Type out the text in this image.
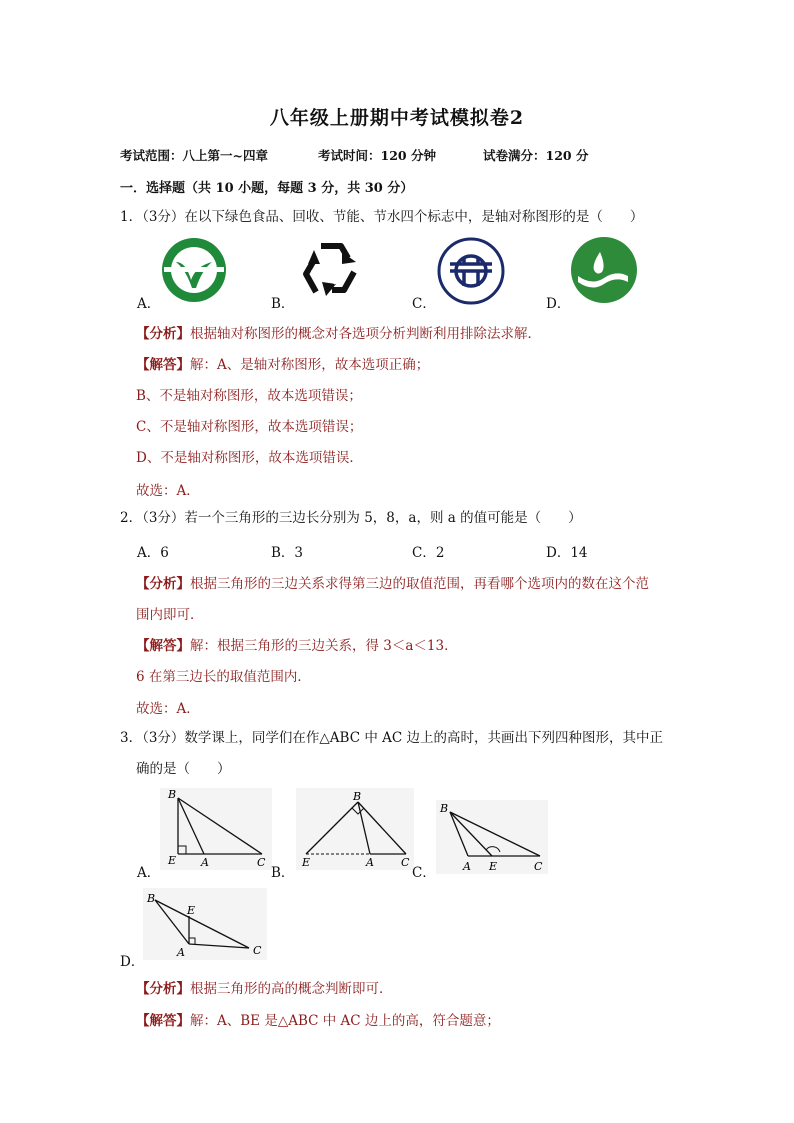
八年级上册期中考试模拟卷2
考试范围：八上第一~四章	考试时间：120 分钟	试卷满分：120 分
一．选择题（共 10 小题，每题 3 分，共 30 分）
1．（3分）在以下绿色食品、回收、节能、节水四个标志中，是轴对称图形的是（　　）
A．	B．	C．	D．
【分析】根据轴对称图形的概念对各选项分析判断利用排除法求解．
【解答】解：A、是轴对称图形，故本选项正确；
B、不是轴对称图形，故本选项错误；
C、不是轴对称图形，故本选项错误；
D、不是轴对称图形，故本选项错误．
故选：A．
2．（3分）若一个三角形的三边长分别为 5，8，a，则 a 的值可能是（　　）
A．6	B．3	C．2	D．14
【分析】根据三角形的三边关系求得第三边的取值范围，再看哪个选项内的数在这个范
围内即可．
【解答】解：根据三角形的三边关系，得 3＜a＜13．
6 在第三边长的取值范围内．
故选：A．
3．（3分）数学课上，同学们在作△ABC 中 AC 边上的高时，共画出下列四种图形，其中正
确的是（　　）
B
E A	C
A．
B
E	A C
B．
B
A E	C
C．
B
E
A	C
D．
【分析】根据三角形的高的概念判断即可．
【解答】解：A、BE 是△ABC 中 AC 边上的高，符合题意；
